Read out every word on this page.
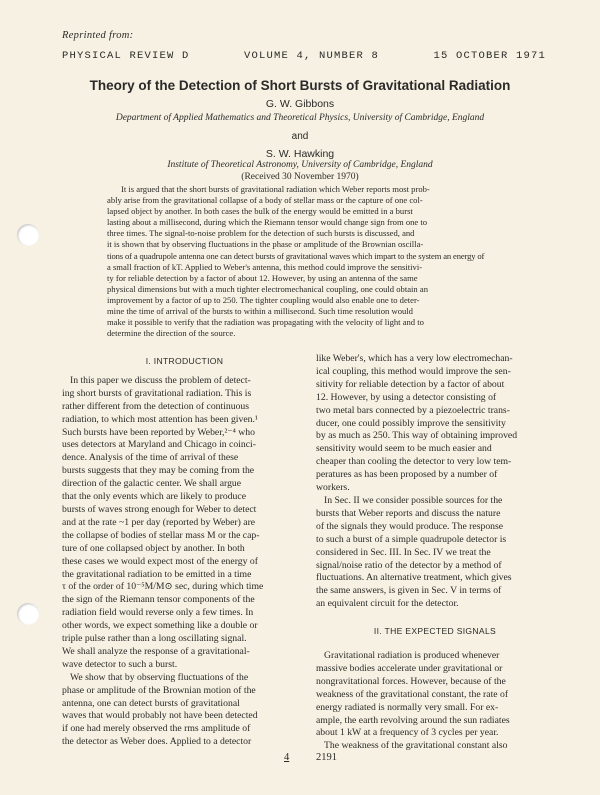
Reprinted from:
PHYSICAL REVIEW D	VOLUME 4, NUMBER 8	15 OCTOBER 1971
Theory of the Detection of Short Bursts of Gravitational Radiation
G. W. Gibbons
Department of Applied Mathematics and Theoretical Physics, University of Cambridge, England
and
S. W. Hawking
Institute of Theoretical Astronomy, University of Cambridge, England
(Received 30 November 1970)
It is argued that the short bursts of gravitational radiation which Weber reports most prob-
ably arise from the gravitational collapse of a body of stellar mass or the capture of one col-
lapsed object by another. In both cases the bulk of the energy would be emitted in a burst
lasting about a millisecond, during which the Riemann tensor would change sign from one to
three times. The signal-to-noise problem for the detection of such bursts is discussed, and
it is shown that by observing fluctuations in the phase or amplitude of the Brownian oscilla-
tions of a quadrupole antenna one can detect bursts of gravitational waves which impart to the system an energy of
a small fraction of kT. Applied to Weber's antenna, this method could improve the sensitivi-
ty for reliable detection by a factor of about 12. However, by using an antenna of the same
physical dimensions but with a much tighter electromechanical coupling, one could obtain an
improvement by a factor of up to 250. The tighter coupling would also enable one to deter-
mine the time of arrival of the bursts to within a millisecond. Such time resolution would
make it possible to verify that the radiation was propagating with the velocity of light and to
determine the direction of the source.
I. INTRODUCTION
In this paper we discuss the problem of detect-
ing short bursts of gravitational radiation. This is
rather different from the detection of continuous
radiation, to which most attention has been given.¹
Such bursts have been reported by Weber,²⁻⁴ who
uses detectors at Maryland and Chicago in coinci-
dence. Analysis of the time of arrival of these
bursts suggests that they may be coming from the
direction of the galactic center. We shall argue
that the only events which are likely to produce
bursts of waves strong enough for Weber to detect
and at the rate ~1 per day (reported by Weber) are
the collapse of bodies of stellar mass M or the cap-
ture of one collapsed object by another. In both
these cases we would expect most of the energy of
the gravitational radiation to be emitted in a time
τ of the order of 10⁻⁵M/M⊙ sec, during which time
the sign of the Riemann tensor components of the
radiation field would reverse only a few times. In
other words, we expect something like a double or
triple pulse rather than a long oscillating signal.
We shall analyze the response of a gravitational-
wave detector to such a burst.
We show that by observing fluctuations of the
phase or amplitude of the Brownian motion of the
antenna, one can detect bursts of gravitational
waves that would probably not have been detected
if one had merely observed the rms amplitude of
the detector as Weber does. Applied to a detector
like Weber's, which has a very low electromechan-
ical coupling, this method would improve the sen-
sitivity for reliable detection by a factor of about
12. However, by using a detector consisting of
two metal bars connected by a piezoelectric trans-
ducer, one could possibly improve the sensitivity
by as much as 250. This way of obtaining improved
sensitivity would seem to be much easier and
cheaper than cooling the detector to very low tem-
peratures as has been proposed by a number of
workers.
In Sec. II we consider possible sources for the
bursts that Weber reports and discuss the nature
of the signals they would produce. The response
to such a burst of a simple quadrupole detector is
considered in Sec. III. In Sec. IV we treat the
signal/noise ratio of the detector by a method of
fluctuations. An alternative treatment, which gives
the same answers, is given in Sec. V in terms of
an equivalent circuit for the detector.
II. THE EXPECTED SIGNALS
Gravitational radiation is produced whenever
massive bodies accelerate under gravitational or
nongravitational forces. However, because of the
weakness of the gravitational constant, the rate of
energy radiated is normally very small. For ex-
ample, the earth revolving around the sun radiates
about 1 kW at a frequency of 3 cycles per year.
The weakness of the gravitational constant also
4	2191
